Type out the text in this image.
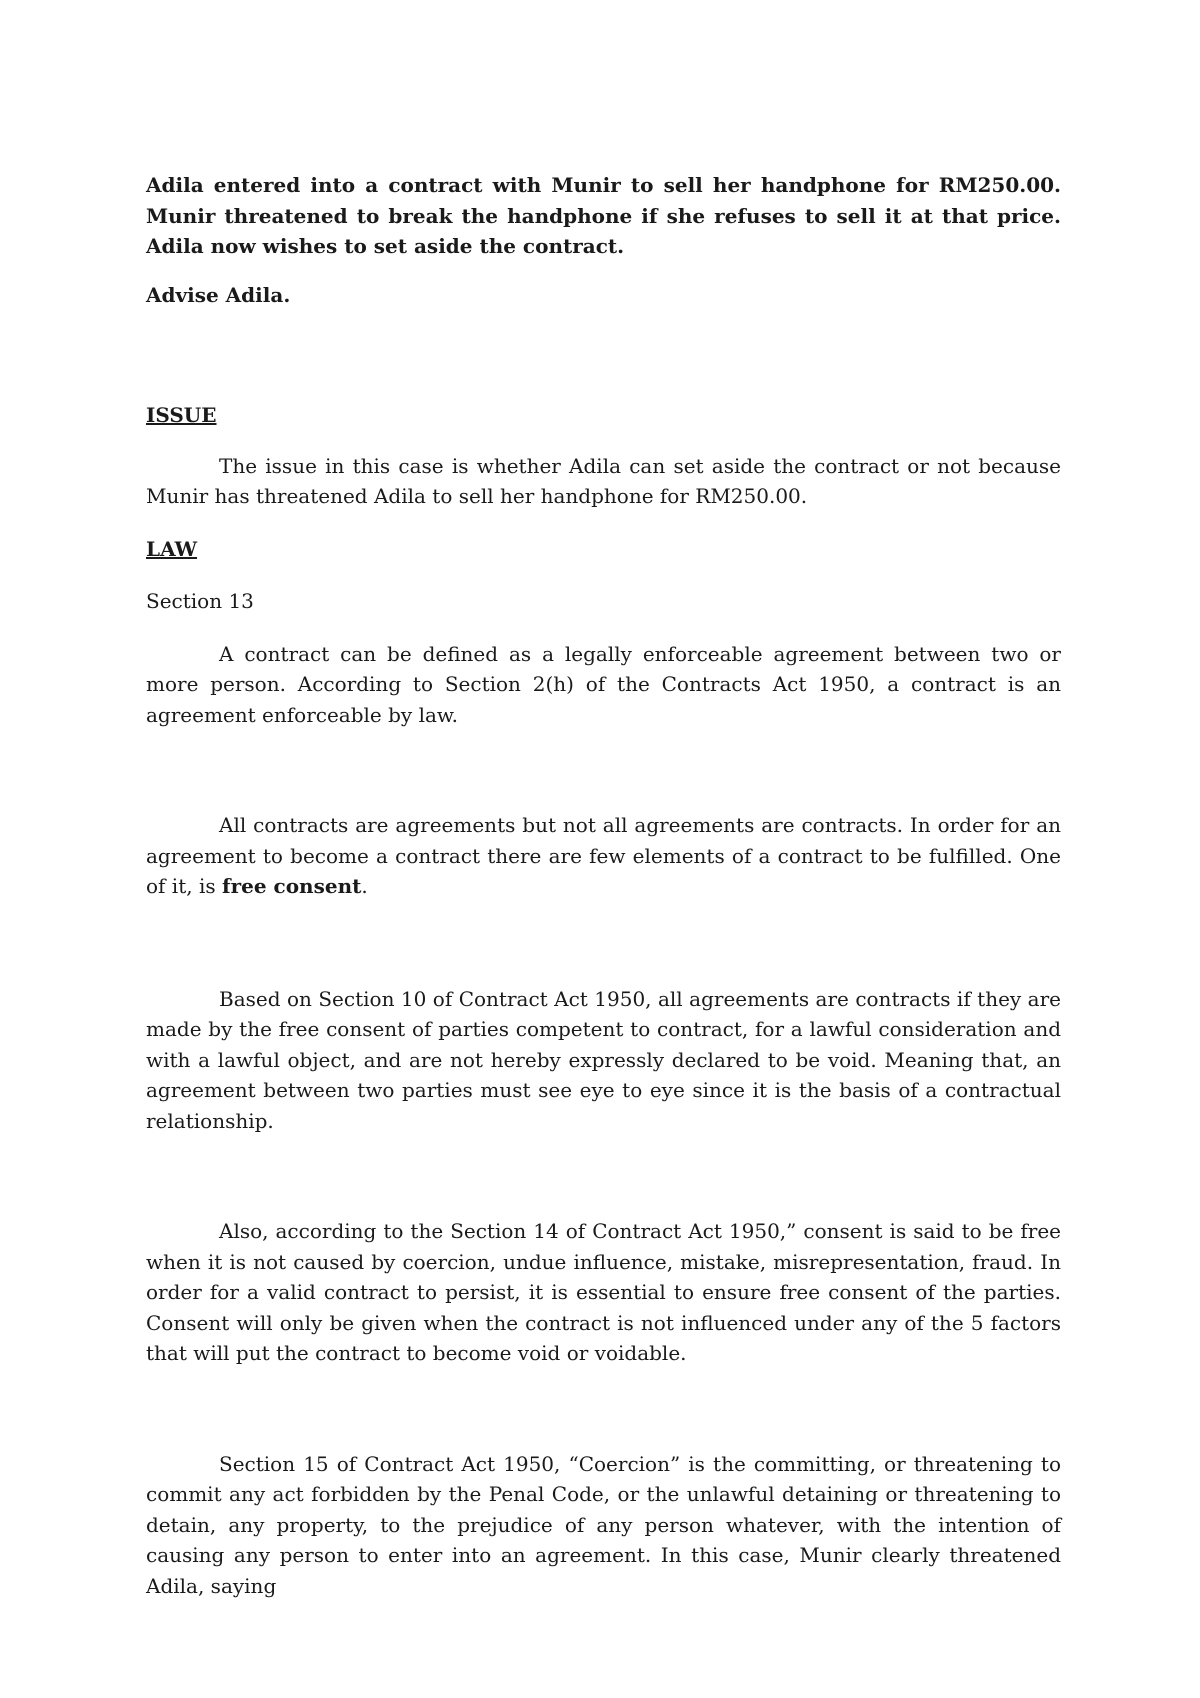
Adila entered into a contract with Munir to sell her handphone for RM250.00. Munir threatened to break the handphone if she refuses to sell it at that price. Adila now wishes to set aside the contract.

Advise Adila.

ISSUE

The issue in this case is whether Adila can set aside the contract or not because Munir has threatened Adila to sell her handphone for RM250.00.

LAW

Section 13

A contract can be defined as a legally enforceable agreement between two or more person. According to Section 2(h) of the Contracts Act 1950, a contract is an agreement enforceable by law.

All contracts are agreements but not all agreements are contracts. In order for an agreement to become a contract there are few elements of a contract to be fulfilled. One of it, is free consent.

Based on Section 10 of Contract Act 1950, all agreements are contracts if they are made by the free consent of parties competent to contract, for a lawful consideration and with a lawful object, and are not hereby expressly declared to be void. Meaning that, an agreement between two parties must see eye to eye since it is the basis of a contractual relationship.

Also, according to the Section 14 of Contract Act 1950,” consent is said to be free when it is not caused by coercion, undue influence, mistake, misrepresentation, fraud. In order for a valid contract to persist, it is essential to ensure free consent of the parties. Consent will only be given when the contract is not influenced under any of the 5 factors that will put the contract to become void or voidable.

Section 15 of Contract Act 1950, “Coercion” is the committing, or threatening to commit any act forbidden by the Penal Code, or the unlawful detaining or threatening to detain, any property, to the prejudice of any person whatever, with the intention of causing any person to enter into an agreement. In this case, Munir clearly threatened Adila, saying
